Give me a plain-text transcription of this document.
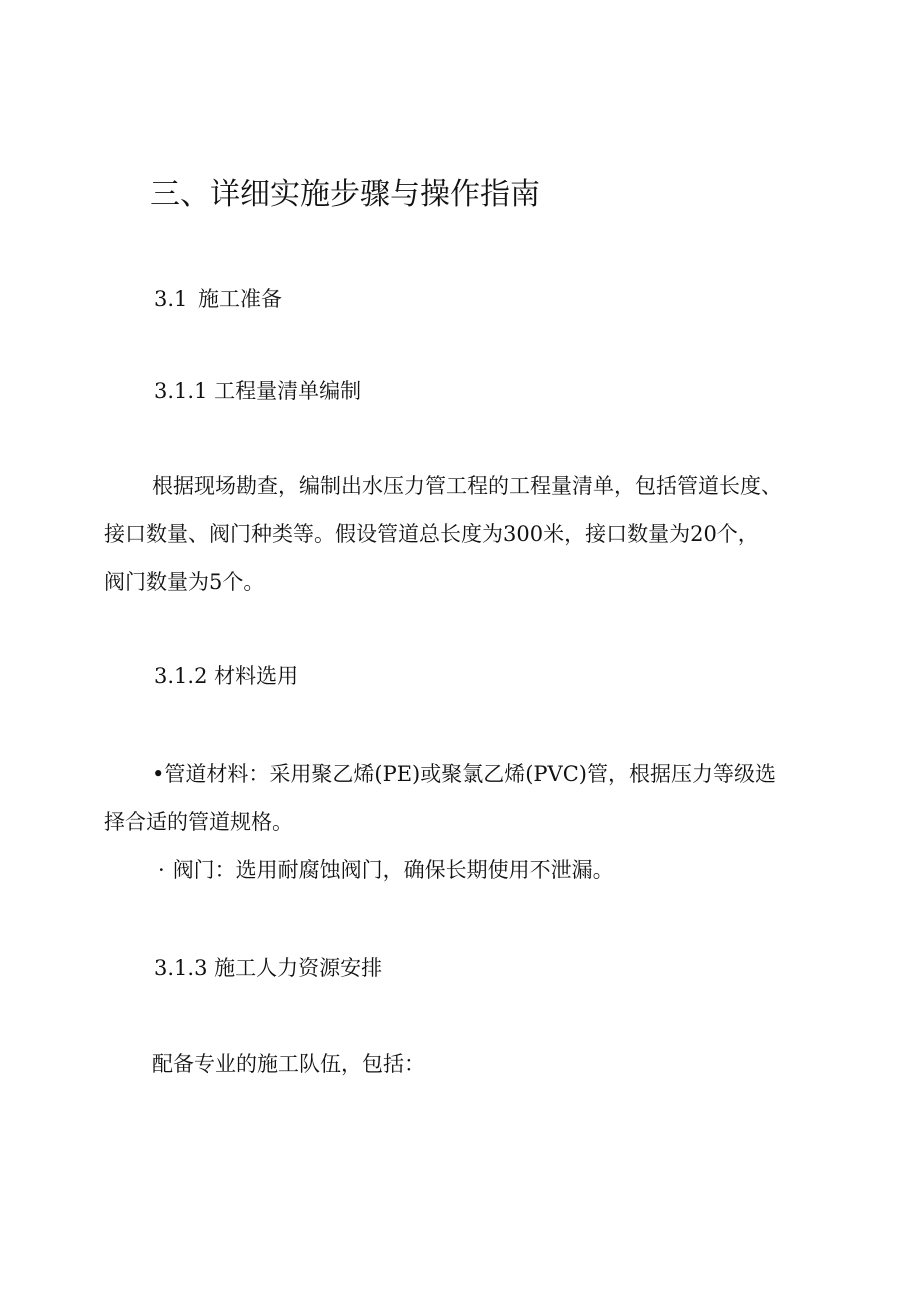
三、详细实施步骤与操作指南
3.1 施工准备
3.1.1 工程量清单编制
根据现场勘查，编制出水压力管工程的工程量清单，包括管道长度、
接口数量、阀门种类等。假设管道总长度为300米，接口数量为20个，
阀门数量为5个。
3.1.2 材料选用
•管道材料：采用聚乙烯(PE)或聚氯乙烯(PVC)管，根据压力等级选
择合适的管道规格。
· 阀门：选用耐腐蚀阀门，确保长期使用不泄漏。
3.1.3 施工人力资源安排
配备专业的施工队伍，包括：
